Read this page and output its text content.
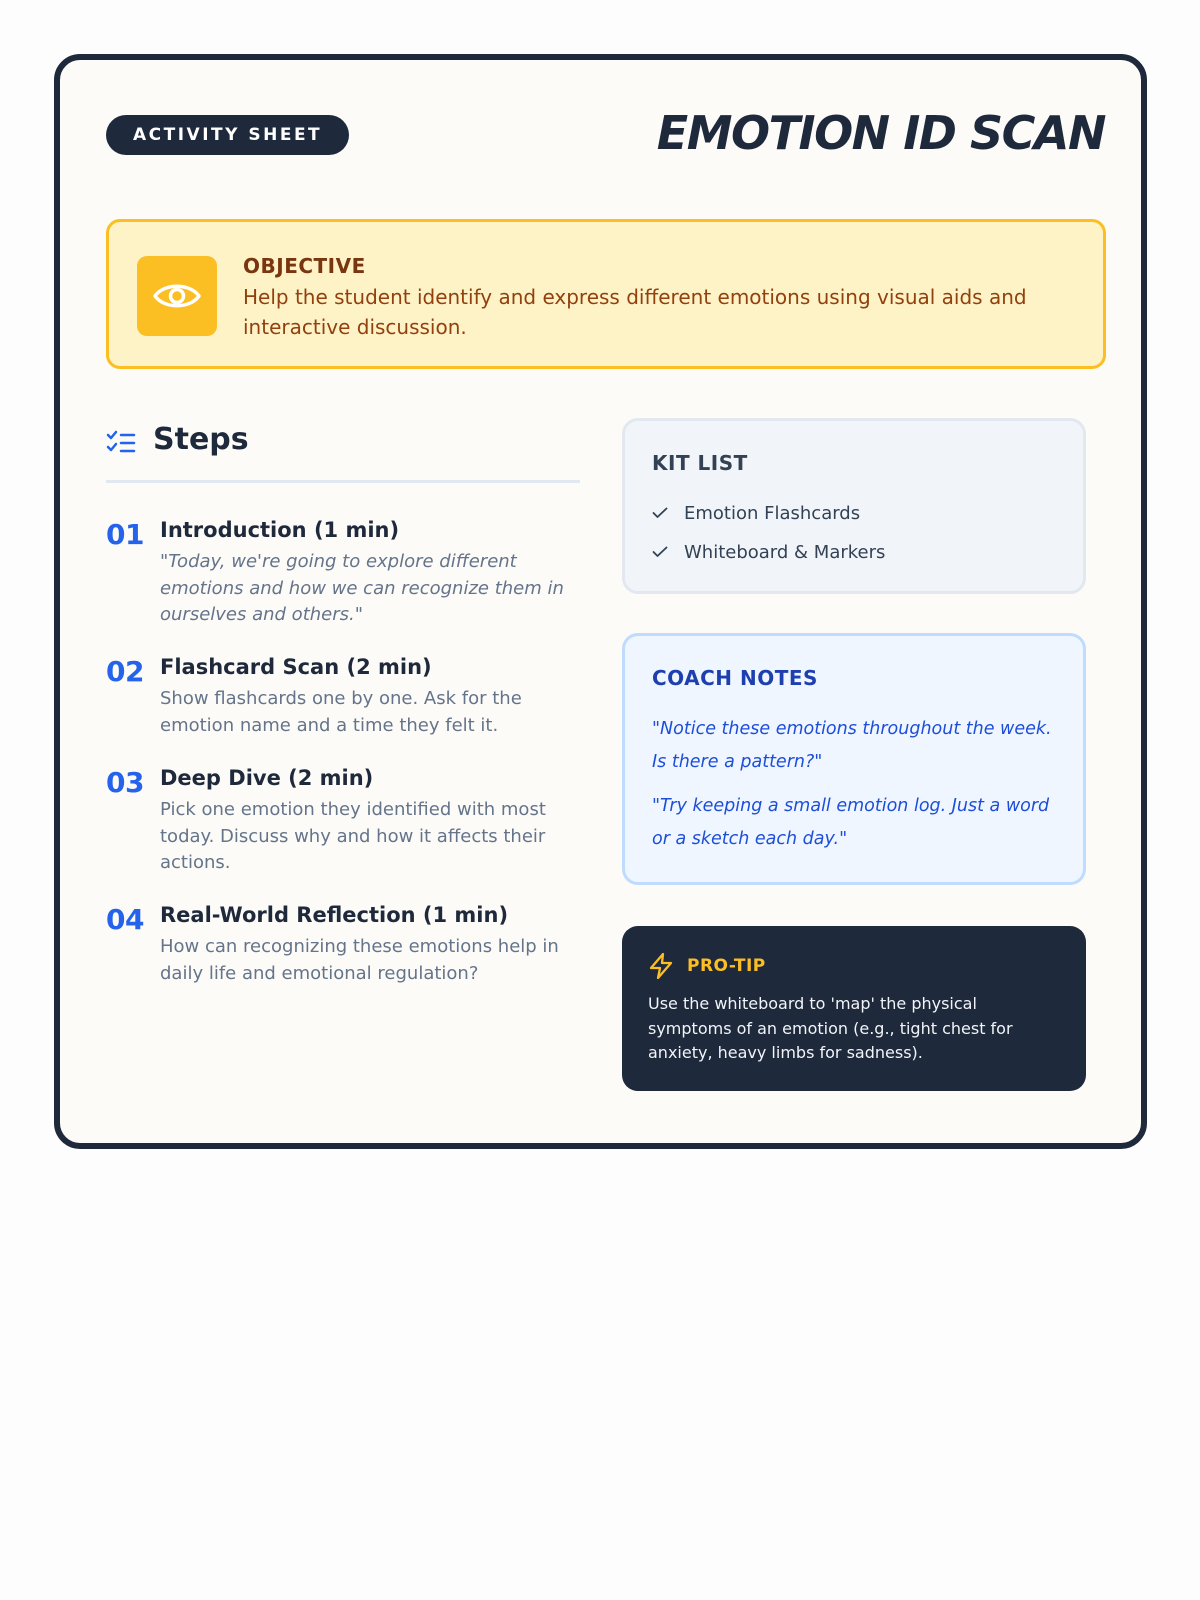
ACTIVITY SHEET	EMOTION ID SCAN
OBJECTIVE
Help the student identify and express different emotions using visual aids and interactive discussion.
Steps
01 Introduction (1 min)
"Today, we're going to explore different emotions and how we can recognize them in ourselves and others."
02 Flashcard Scan (2 min)
Show flashcards one by one. Ask for the emotion name and a time they felt it.
03 Deep Dive (2 min)
Pick one emotion they identified with most today. Discuss why and how it affects their actions.
04 Real-World Reflection (1 min)
How can recognizing these emotions help in daily life and emotional regulation?
KIT LIST
Emotion Flashcards
Whiteboard & Markers
COACH NOTES
"Notice these emotions throughout the week. Is there a pattern?"
"Try keeping a small emotion log. Just a word or a sketch each day."
PRO-TIP
Use the whiteboard to 'map' the physical symptoms of an emotion (e.g., tight chest for anxiety, heavy limbs for sadness).
